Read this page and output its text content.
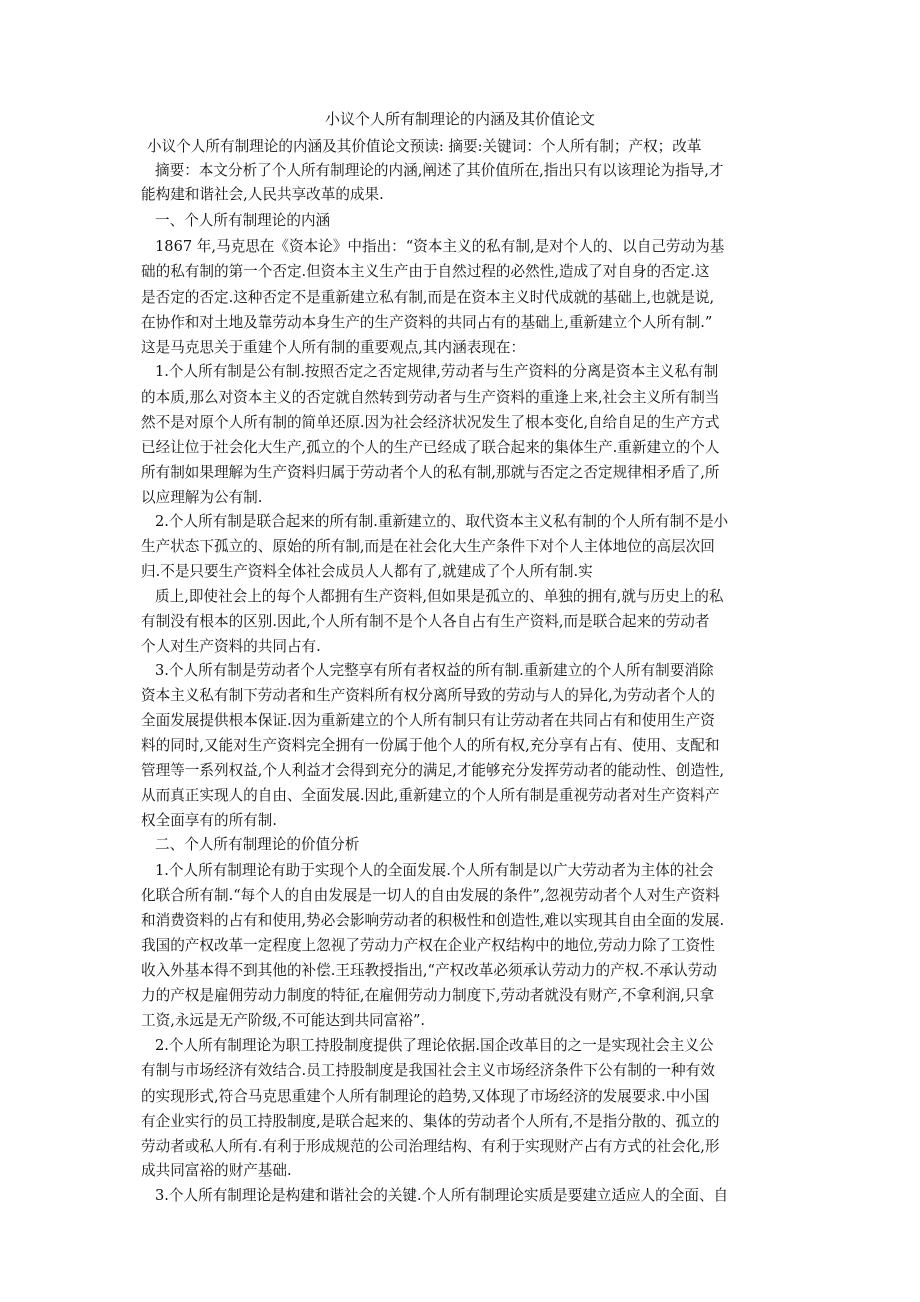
小议个人所有制理论的内涵及其价值论文
小议个人所有制理论的内涵及其价值论文预读: 摘要:关键词：个人所有制；产权；改革
摘要：本文分析了个人所有制理论的内涵,阐述了其价值所在,指出只有以该理论为指导,才
能构建和谐社会,人民共享改革的成果.
一、个人所有制理论的内涵
1867 年,马克思在《资本论》中指出：“资本主义的私有制,是对个人的、以自己劳动为基
础的私有制的第一个否定.但资本主义生产由于自然过程的必然性,造成了对自身的否定.这
是否定的否定.这种否定不是重新建立私有制,而是在资本主义时代成就的基础上,也就是说,
在协作和对土地及靠劳动本身生产的生产资料的共同占有的基础上,重新建立个人所有制.”
这是马克思关于重建个人所有制的重要观点,其内涵表现在：
1.个人所有制是公有制.按照否定之否定规律,劳动者与生产资料的分离是资本主义私有制
的本质,那么对资本主义的否定就自然转到劳动者与生产资料的重逢上来,社会主义所有制当
然不是对原个人所有制的简单还原.因为社会经济状况发生了根本变化,自给自足的生产方式
已经让位于社会化大生产,孤立的个人的生产已经成了联合起来的集体生产.重新建立的个人
所有制如果理解为生产资料归属于劳动者个人的私有制,那就与否定之否定规律相矛盾了,所
以应理解为公有制.
2.个人所有制是联合起来的所有制.重新建立的、取代资本主义私有制的个人所有制不是小
生产状态下孤立的、原始的所有制,而是在社会化大生产条件下对个人主体地位的高层次回
归.不是只要生产资料全体社会成员人人都有了,就建成了个人所有制.实
质上,即使社会上的每个人都拥有生产资料,但如果是孤立的、单独的拥有,就与历史上的私
有制没有根本的区别.因此,个人所有制不是个人各自占有生产资料,而是联合起来的劳动者
个人对生产资料的共同占有.
3.个人所有制是劳动者个人完整享有所有者权益的所有制.重新建立的个人所有制要消除
资本主义私有制下劳动者和生产资料所有权分离所导致的劳动与人的异化,为劳动者个人的
全面发展提供根本保证.因为重新建立的个人所有制只有让劳动者在共同占有和使用生产资
料的同时,又能对生产资料完全拥有一份属于他个人的所有权,充分享有占有、使用、支配和
管理等一系列权益,个人利益才会得到充分的满足,才能够充分发挥劳动者的能动性、创造性,
从而真正实现人的自由、全面发展.因此,重新建立的个人所有制是重视劳动者对生产资料产
权全面享有的所有制.
二、个人所有制理论的价值分析
1.个人所有制理论有助于实现个人的全面发展.个人所有制是以广大劳动者为主体的社会
化联合所有制.“每个人的自由发展是一切人的自由发展的条件”,忽视劳动者个人对生产资料
和消费资料的占有和使用,势必会影响劳动者的积极性和创造性,难以实现其自由全面的发展.
我国的产权改革一定程度上忽视了劳动力产权在企业产权结构中的地位,劳动力除了工资性
收入外基本得不到其他的补偿.王珏教授指出,“产权改革必须承认劳动力的产权.不承认劳动
力的产权是雇佣劳动力制度的特征,在雇佣劳动力制度下,劳动者就没有财产,不拿利润,只拿
工资,永远是无产阶级,不可能达到共同富裕”.
2.个人所有制理论为职工持股制度提供了理论依据.国企改革目的之一是实现社会主义公
有制与市场经济有效结合.员工持股制度是我国社会主义市场经济条件下公有制的一种有效
的实现形式,符合马克思重建个人所有制理论的趋势,又体现了市场经济的发展要求.中小国
有企业实行的员工持股制度,是联合起来的、集体的劳动者个人所有,不是指分散的、孤立的
劳动者或私人所有.有利于形成规范的公司治理结构、有利于实现财产占有方式的社会化,形
成共同富裕的财产基础.
3.个人所有制理论是构建和谐社会的关键.个人所有制理论实质是要建立适应人的全面、自
